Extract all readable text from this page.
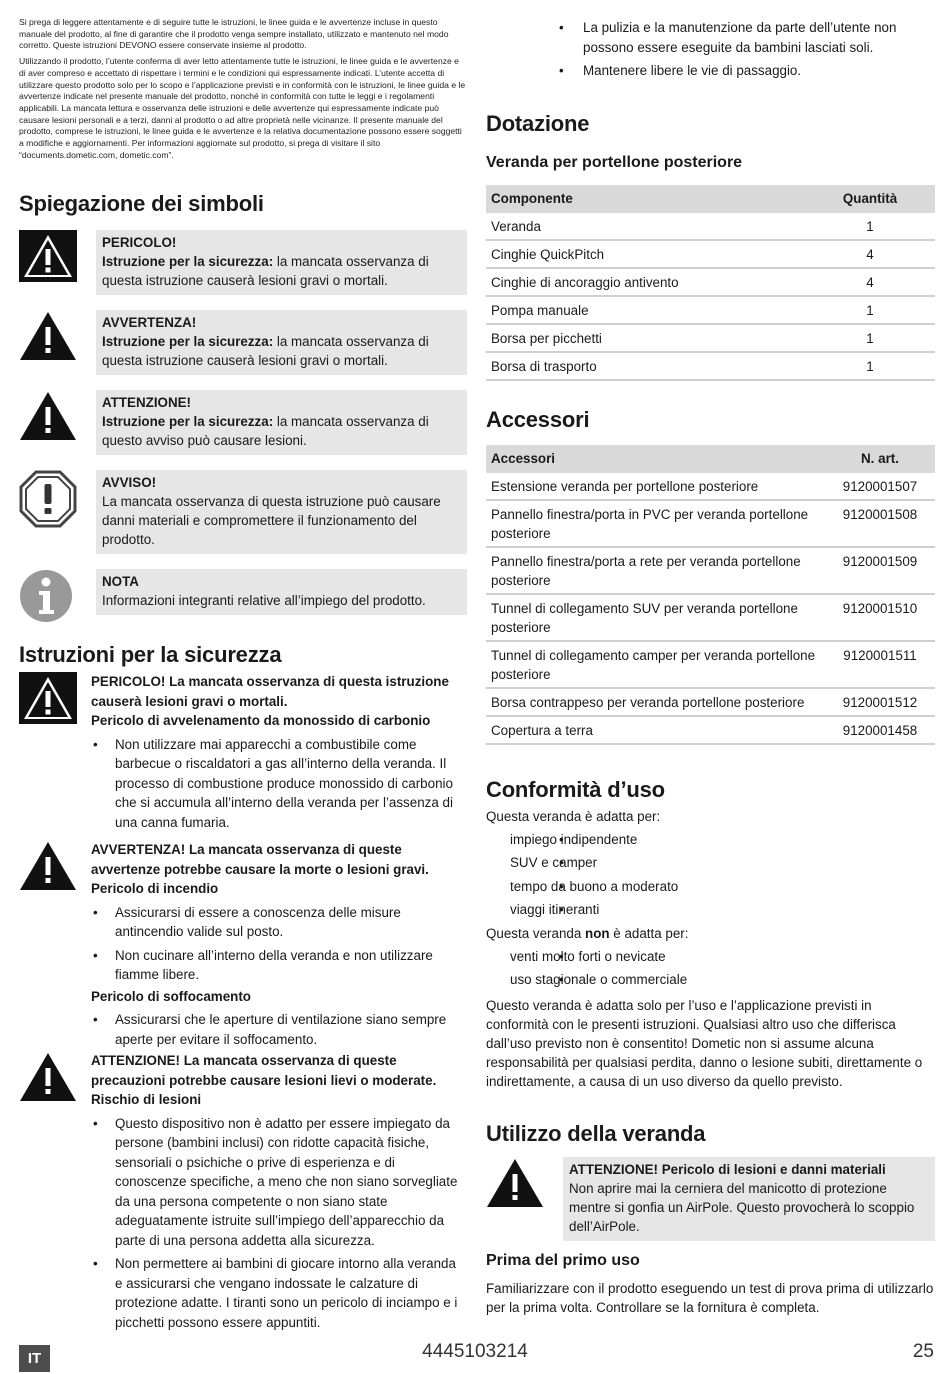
Si prega di leggere attentamente e di seguire tutte le istruzioni, le linee guida e le avvertenze incluse in questo manuale del prodotto, al fine di garantire che il prodotto venga sempre installato, utilizzato e mantenuto nel modo corretto. Queste istruzioni DEVONO essere conservate insieme al prodotto.

Utilizzando il prodotto, l’utente conferma di aver letto attentamente tutte le istruzioni, le linee guida e le avvertenze e di aver compreso e accettato di rispettare i termini e le condizioni qui espressamente indicati. L’utente accetta di utilizzare questo prodotto solo per lo scopo e l’applicazione previsti e in conformità con le istruzioni, le linee guida e le avvertenze indicate nel presente manuale del prodotto, nonché in conformità con tutte le leggi e i regolamenti applicabili. La mancata lettura e osservanza delle istruzioni e delle avvertenze qui espressamente indicate può causare lesioni personali e a terzi, danni al prodotto o ad altre proprietà nelle vicinanze. Il presente manuale del prodotto, comprese le istruzioni, le linee guida e le avvertenze e la relativa documentazione possono essere soggetti a modifiche e aggiornamenti. Per informazioni aggiornate sul prodotto, si prega di visitare il sito “documents.dometic.com, dometic.com”.

Spiegazione dei simboli
PERICOLO!
Istruzione per la sicurezza: la mancata osservanza di questa istruzione causerà lesioni gravi o mortali.
AVVERTENZA!
Istruzione per la sicurezza: la mancata osservanza di questa istruzione causerà lesioni gravi o mortali.
ATTENZIONE!
Istruzione per la sicurezza: la mancata osservanza di questo avviso può causare lesioni.
AVVISO!
La mancata osservanza di questa istruzione può causare danni materiali e compromettere il funzionamento del prodotto.
NOTA
Informazioni integranti relative all’impiego del prodotto.
Istruzioni per la sicurezza
PERICOLO! La mancata osservanza di questa istruzione causerà lesioni gravi o mortali.
Pericolo di avvelenamento da monossido di carbonio
• Non utilizzare mai apparecchi a combustibile come barbecue o riscaldatori a gas all’interno della veranda. Il processo di combustione produce monossido di carbonio che si accumula all’interno della veranda per l’assenza di una canna fumaria.
AVVERTENZA! La mancata osservanza di queste avvertenze potrebbe causare la morte o lesioni gravi.
Pericolo di incendio
• Assicurarsi di essere a conoscenza delle misure antincendio valide sul posto.
• Non cucinare all’interno della veranda e non utilizzare fiamme libere.
Pericolo di soffocamento
• Assicurarsi che le aperture di ventilazione siano sempre aperte per evitare il soffocamento.
ATTENZIONE! La mancata osservanza di queste precauzioni potrebbe causare lesioni lievi o moderate.
Rischio di lesioni
• Questo dispositivo non è adatto per essere impiegato da persone (bambini inclusi) con ridotte capacità fisiche, sensoriali o psichiche o prive di esperienza e di conoscenze specifiche, a meno che non siano sorvegliate da una persona competente o non siano state adeguatamente istruite sull’impiego dell’apparecchio da parte di una persona addetta alla sicurezza.
• Non permettere ai bambini di giocare intorno alla veranda e assicurarsi che vengano indossate le calzature di protezione adatte. I tiranti sono un pericolo di inciampo e i picchetti possono essere appuntiti.
• La pulizia e la manutenzione da parte dell’utente non possono essere eseguite da bambini lasciati soli.
• Mantenere libere le vie di passaggio.
Dotazione
Veranda per portellone posteriore
Componente	Quantità
Veranda	1
Cinghie QuickPitch	4
Cinghie di ancoraggio antivento	4
Pompa manuale	1
Borsa per picchetti	1
Borsa di trasporto	1
Accessori
Accessori	N. art.
Estensione veranda per portellone posteriore	9120001507
Pannello finestra/porta in PVC per veranda portellone posteriore	9120001508
Pannello finestra/porta a rete per veranda portellone posteriore	9120001509
Tunnel di collegamento SUV per veranda portellone posteriore	9120001510
Tunnel di collegamento camper per veranda portellone posteriore	9120001511
Borsa contrappeso per veranda portellone posteriore	9120001512
Copertura a terra	9120001458
Conformità d’uso
Questa veranda è adatta per:
• impiego indipendente
• SUV e camper
• tempo da buono a moderato
• viaggi itineranti
Questa veranda non è adatta per:
• venti molto forti o nevicate
• uso stagionale o commerciale
Questo veranda è adatta solo per l’uso e l’applicazione previsti in conformità con le presenti istruzioni. Qualsiasi altro uso che differisca dall’uso previsto non è consentito! Dometic non si assume alcuna responsabilità per qualsiasi perdita, danno o lesione subiti, direttamente o indirettamente, a causa di un uso diverso da quello previsto.
Utilizzo della veranda
ATTENZIONE! Pericolo di lesioni e danni materiali
Non aprire mai la cerniera del manicotto di protezione mentre si gonfia un AirPole. Questo provocherà lo scoppio dell’AirPole.
Prima del primo uso
Familiarizzare con il prodotto eseguendo un test di prova prima di utilizzarlo per la prima volta. Controllare se la fornitura è completa.
IT	4445103214	25
